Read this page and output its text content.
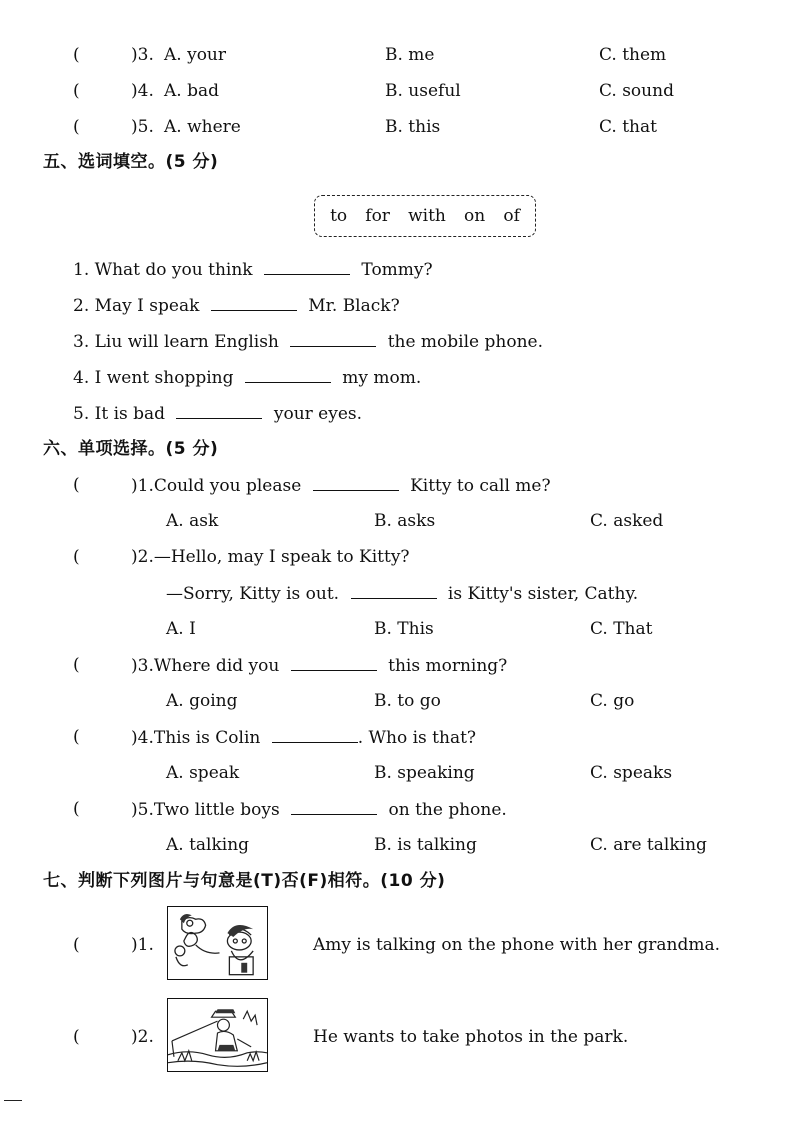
(	)3. A. your	B. me	C. them
(	)4. A. bad	B. useful	C. sound
(	)5. A. where	B. this	C. that
五、选词填空。(5 分)
to for with on of
1. What do you think	Tommy?
2. May I speak	Mr. Black?
3. Liu will learn English	the mobile phone.
4. I went shopping	my mom.
5. It is bad	your eyes.
六、单项选择。(5 分)
(	)1.Could you please	Kitty to call me?
A. ask	B. asks	C. asked
(	)2.—Hello, may I speak to Kitty?
—Sorry, Kitty is out.	is Kitty's sister, Cathy.
A. I	B. This	C. That
(	)3.Where did you	this morning?
A. going	B. to go	C. go
(	)4.This is Colin	. Who is that?
A. speak	B. speaking	C. speaks
(	)5.Two little boys	on the phone.
A. talking	B. is talking	C. are talking
七、判断下列图片与句意是(T)否(F)相符。(10 分)
(	)1.	Amy is talking on the phone with her grandma.
(	)2.	He wants to take photos in the park.
